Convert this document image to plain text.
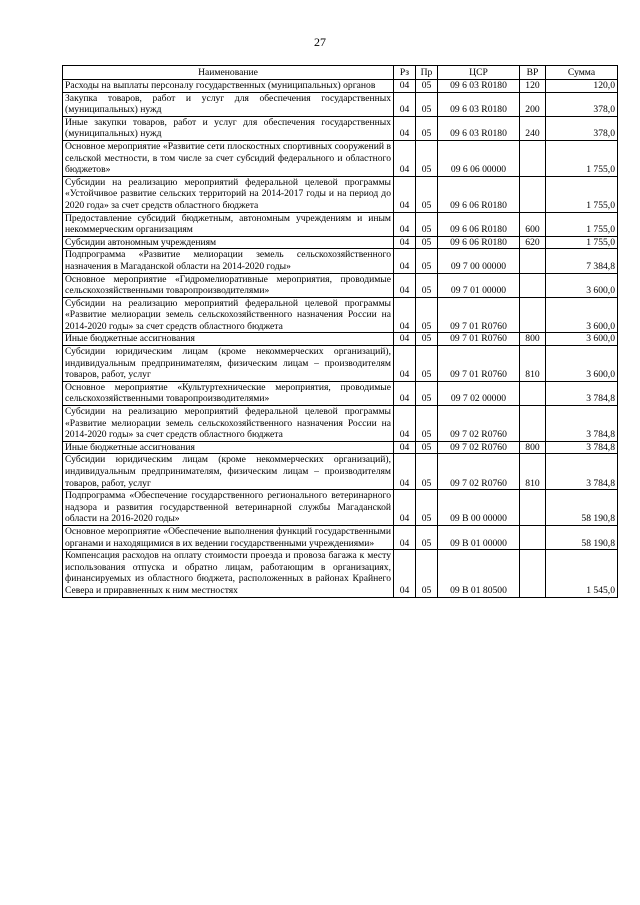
27
Наименование	Рз	Пр	ЦСР	ВР	Сумма
Расходы на выплаты персоналу государственных (муниципальных) органов	04	05	09 6 03 R0180	120	120,0
Закупка товаров, работ и услуг для обеспечения государственных (муниципальных) нужд	04	05	09 6 03 R0180	200	378,0
Иные закупки товаров, работ и услуг для обеспечения государственных (муниципальных) нужд	04	05	09 6 03 R0180	240	378,0
Основное мероприятие «Развитие сети плоскостных спортивных сооружений в сельской местности, в том числе за счет субсидий федерального и областного бюджетов»	04	05	09 6 06 00000		1 755,0
Субсидии на реализацию мероприятий федеральной целевой программы «Устойчивое развитие сельских территорий на 2014-2017 годы и на период до 2020 года» за счет средств областного бюджета	04	05	09 6 06 R0180		1 755,0
Предоставление субсидий бюджетным, автономным учреждениям и иным некоммерческим организациям	04	05	09 6 06 R0180	600	1 755,0
Субсидии автономным учреждениям	04	05	09 6 06 R0180	620	1 755,0
Подпрограмма «Развитие мелиорации земель сельскохозяйственного назначения в Магаданской области на 2014-2020 годы»	04	05	09 7 00 00000		7 384,8
Основное мероприятие «Гидромелиоративные мероприятия, проводимые сельскохозяйственными товаропроизводителями»	04	05	09 7 01 00000		3 600,0
Субсидии на реализацию мероприятий федеральной целевой программы «Развитие мелиорации земель сельскохозяйственного назначения России на 2014-2020 годы» за счет средств областного бюджета	04	05	09 7 01 R0760		3 600,0
Иные бюджетные ассигнования	04	05	09 7 01 R0760	800	3 600,0
Субсидии юридическим лицам (кроме некоммерческих организаций), индивидуальным предпринимателям, физическим лицам – производителям товаров, работ, услуг	04	05	09 7 01 R0760	810	3 600,0
Основное мероприятие «Культуртехнические мероприятия, проводимые сельскохозяйственными товаропроизводителями»	04	05	09 7 02 00000		3 784,8
Субсидии на реализацию мероприятий федеральной целевой программы «Развитие мелиорации земель сельскохозяйственного назначения России на 2014-2020 годы» за счет средств областного бюджета	04	05	09 7 02 R0760		3 784,8
Иные бюджетные ассигнования	04	05	09 7 02 R0760	800	3 784,8
Субсидии юридическим лицам (кроме некоммерческих организаций), индивидуальным предпринимателям, физическим лицам – производителям товаров, работ, услуг	04	05	09 7 02 R0760	810	3 784,8
Подпрограмма «Обеспечение государственного регионального ветеринарного надзора и развития государственной ветеринарной службы Магаданской области на 2016-2020 годы»	04	05	09 В 00 00000		58 190,8
Основное мероприятие «Обеспечение выполнения функций государственными органами и находящимися в их ведении государственными учреждениями»	04	05	09 В 01 00000		58 190,8
Компенсация расходов на оплату стоимости проезда и провоза багажа к месту использования отпуска и обратно лицам, работающим в организациях, финансируемых из областного бюджета, расположенных в районах Крайнего Севера и приравненных к ним местностях	04	05	09 В 01 80500		1 545,0
